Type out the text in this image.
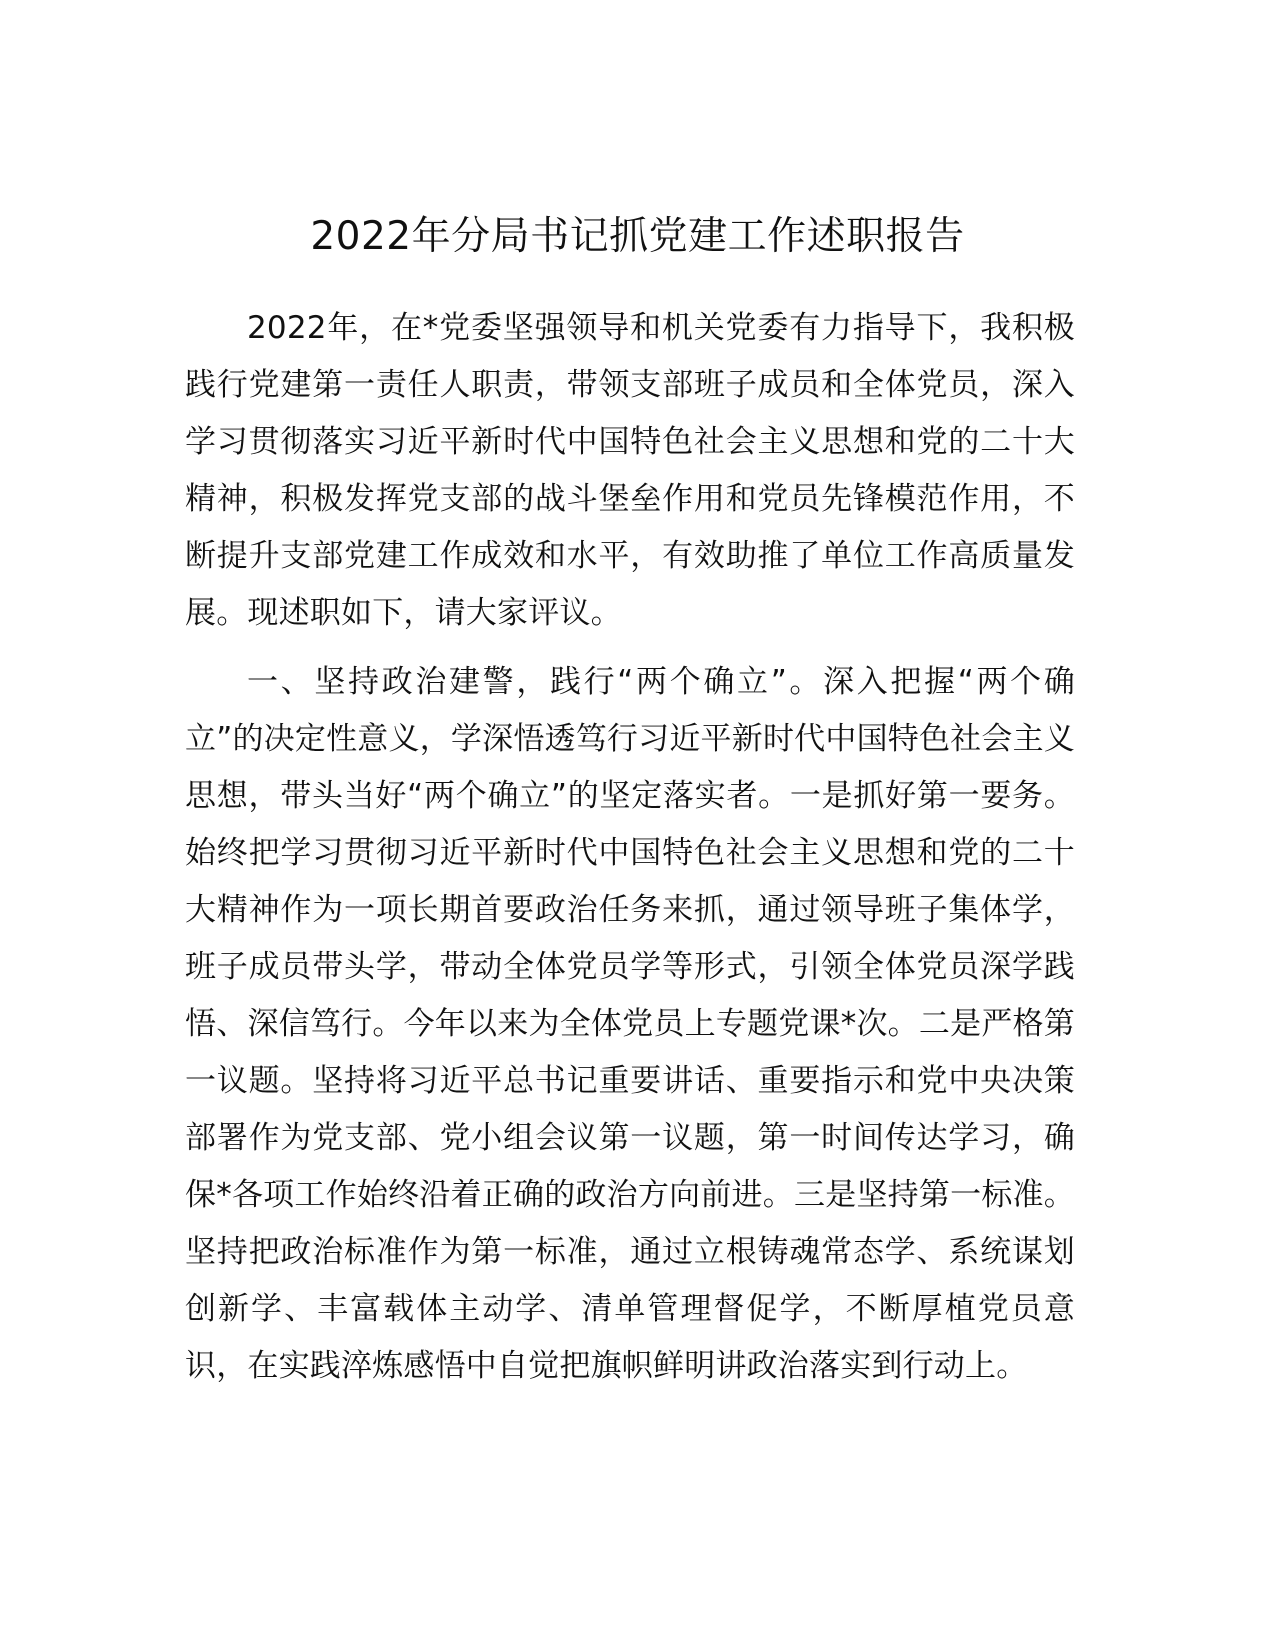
2022年分局书记抓党建工作述职报告

2022年，在*党委坚强领导和机关党委有力指导下，我积极践行党建第一责任人职责，带领支部班子成员和全体党员，深入学习贯彻落实习近平新时代中国特色社会主义思想和党的二十大精神，积极发挥党支部的战斗堡垒作用和党员先锋模范作用，不断提升支部党建工作成效和水平，有效助推了单位工作高质量发展。现述职如下，请大家评议。

一、坚持政治建警，践行“两个确立”。深入把握“两个确立”的决定性意义，学深悟透笃行习近平新时代中国特色社会主义思想，带头当好“两个确立”的坚定落实者。一是抓好第一要务。始终把学习贯彻习近平新时代中国特色社会主义思想和党的二十大精神作为一项长期首要政治任务来抓，通过领导班子集体学，班子成员带头学，带动全体党员学等形式，引领全体党员深学践悟、深信笃行。今年以来为全体党员上专题党课*次。二是严格第一议题。坚持将习近平总书记重要讲话、重要指示和党中央决策部署作为党支部、党小组会议第一议题，第一时间传达学习，确保*各项工作始终沿着正确的政治方向前进。三是坚持第一标准。坚持把政治标准作为第一标准，通过立根铸魂常态学、系统谋划创新学、丰富载体主动学、清单管理督促学，不断厚植党员意识，在实践淬炼感悟中自觉把旗帜鲜明讲政治落实到行动上。
